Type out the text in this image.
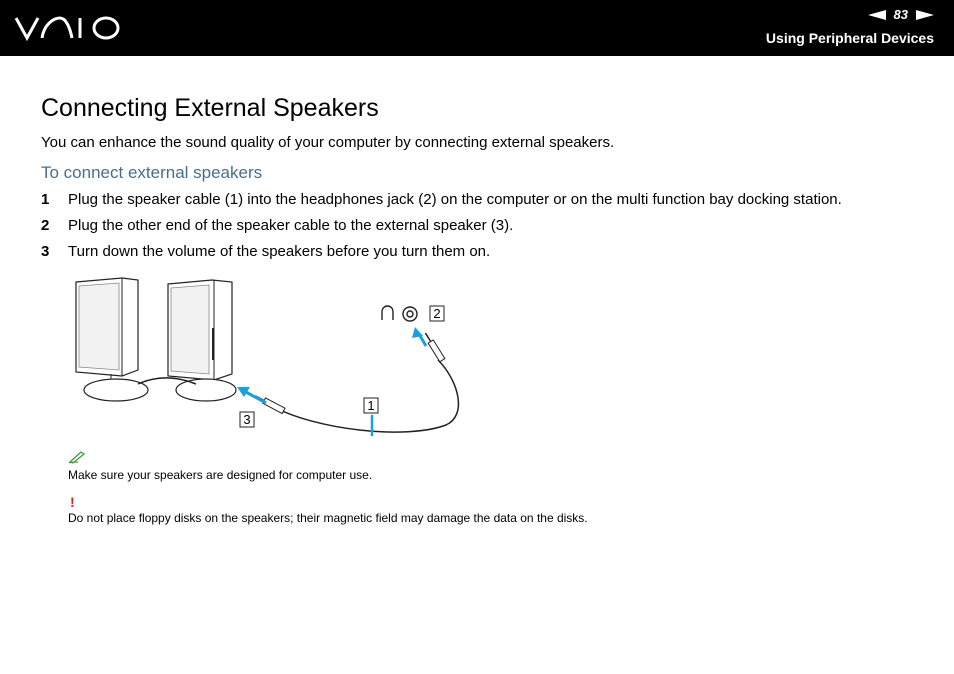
83
Using Peripheral Devices
Connecting External Speakers

You can enhance the sound quality of your computer by connecting external speakers.

To connect external speakers

1	Plug the speaker cable (1) into the headphones jack (2) on the computer or on the multi function bay docking station.
2	Plug the other end of the speaker cable to the external speaker (3).
3	Turn down the volume of the speakers before you turn them on.
2
1
3
Make sure your speakers are designed for computer use.
!
Do not place floppy disks on the speakers; their magnetic field may damage the data on the disks.
